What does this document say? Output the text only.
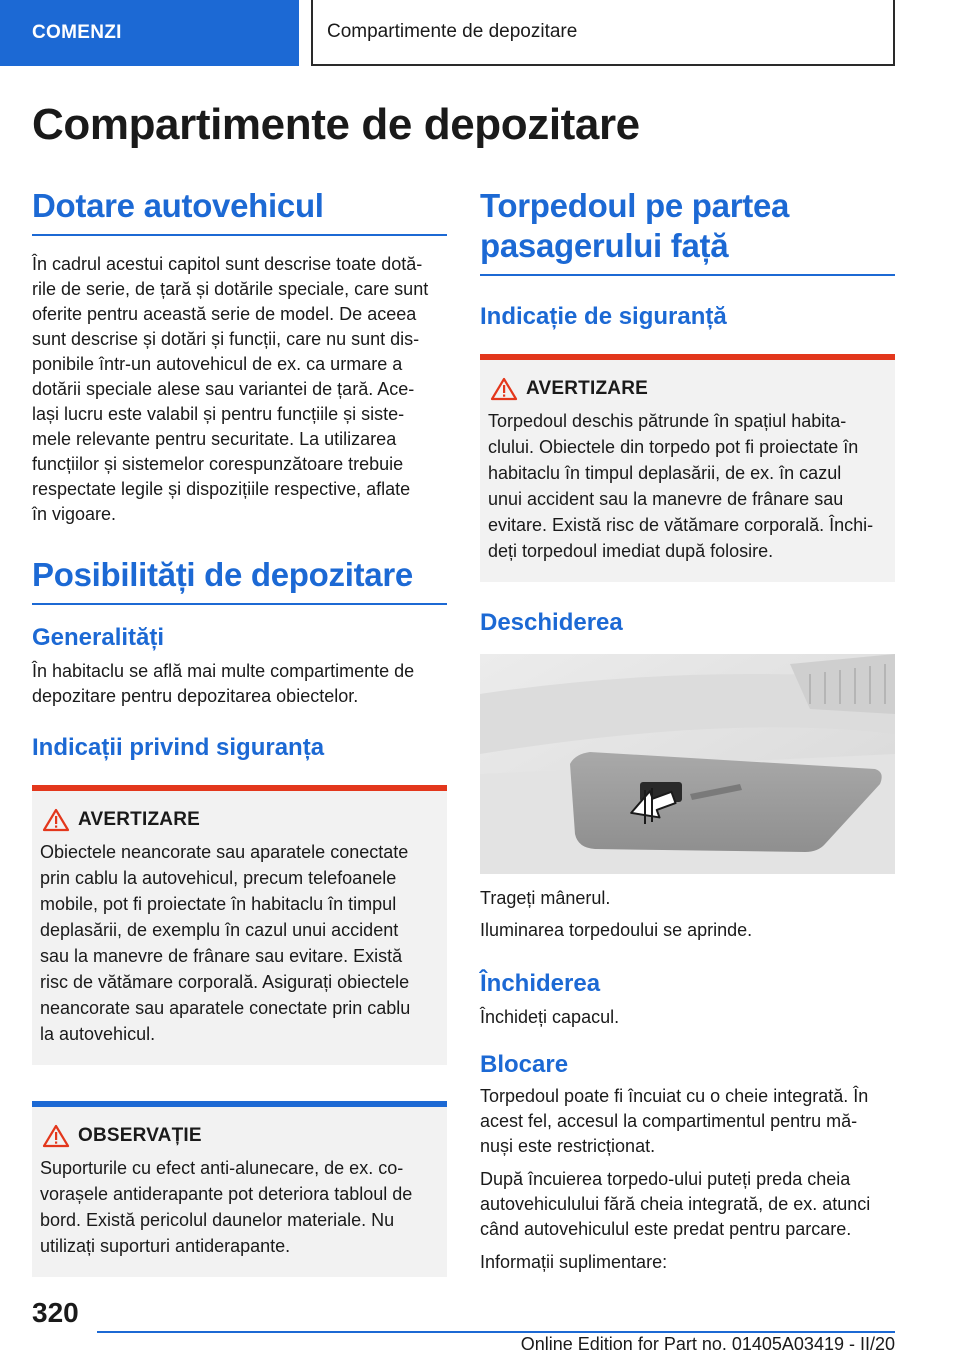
COMENZI	Compartimente de depozitare
Compartimente de depozitare
Dotare autovehicul
În cadrul acestui capitol sunt descrise toate dotă‐
rile de serie, de țară și dotările speciale, care sunt
oferite pentru această serie de model. De aceea
sunt descrise și dotări și funcții, care nu sunt dis‐
ponibile într-un autovehicul de ex. ca urmare a
dotării speciale alese sau variantei de țară. Ace‐
lași lucru este valabil și pentru funcțiile și siste‐
mele relevante pentru securitate. La utilizarea
funcțiilor și sistemelor corespunzătoare trebuie
respectate legile și dispozițiile respective, aflate
în vigoare.
Posibilități de depozitare
Generalități
În habitaclu se află mai multe compartimente de
depozitare pentru depozitarea obiectelor.
Indicații privind siguranța
AVERTIZARE
Obiectele neancorate sau aparatele conectate
prin cablu la autovehicul, precum telefoanele
mobile, pot fi proiectate în habitaclu în timpul
deplasării, de exemplu în cazul unui accident
sau la manevre de frânare sau evitare. Există
risc de vătămare corporală. Asigurați obiectele
neancorate sau aparatele conectate prin cablu
la autovehicul.
OBSERVAȚIE
Suporturile cu efect anti-alunecare, de ex. co‐
vorașele antiderapante pot deteriora tabloul de
bord. Există pericolul daunelor materiale. Nu
utilizați suporturi antiderapante.
Torpedoul pe partea
pasagerului față
Indicație de siguranță
AVERTIZARE
Torpedoul deschis pătrunde în spațiul habita‐
clului. Obiectele din torpedo pot fi proiectate în
habitaclu în timpul deplasării, de ex. în cazul
unui accident sau la manevre de frânare sau
evitare. Există risc de vătămare corporală. Închi‐
deți torpedoul imediat după folosire.
Deschiderea
Trageți mânerul.
Iluminarea torpedoului se aprinde.
Închiderea
Închideți capacul.
Blocare
Torpedoul poate fi încuiat cu o cheie integrată. În
acest fel, accesul la compartimentul pentru mă‐
nuși este restricționat.
După încuierea torpedo-ului puteți preda cheia
autovehiculului fără cheia integrată, de ex. atunci
când autovehiculul este predat pentru parcare.
Informații suplimentare:
320
Online Edition for Part no. 01405A03419 - II/20
